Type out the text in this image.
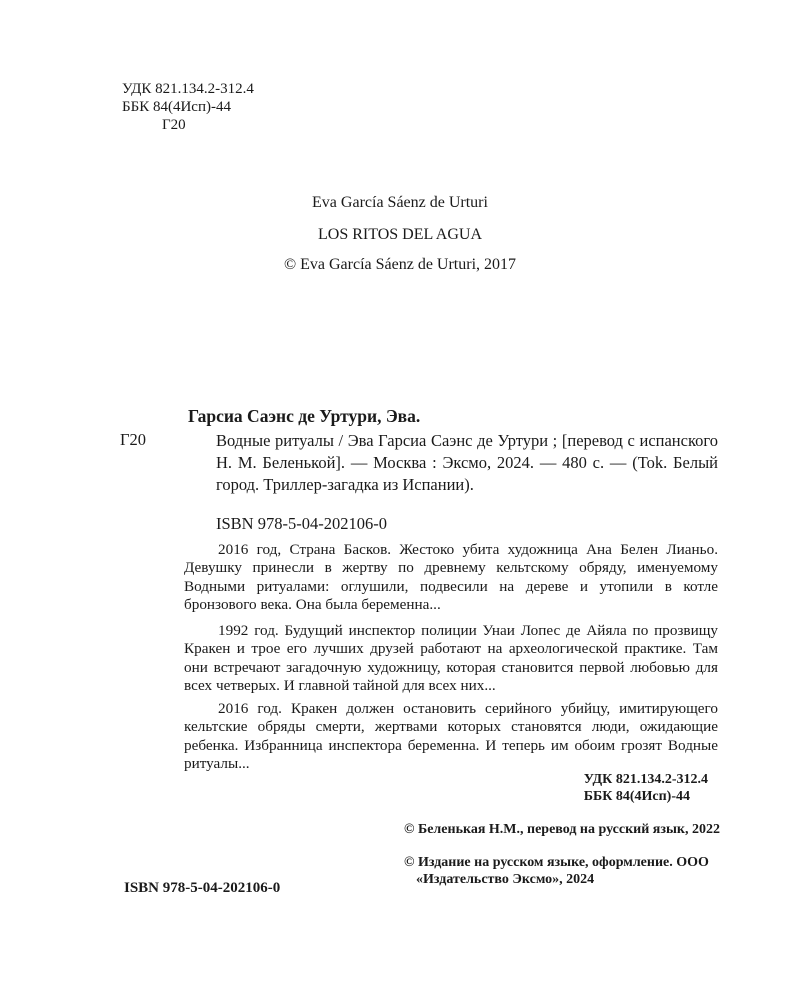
УДК 821.134.2-312.4
ББК 84(4Исп)-44
Г20
Eva García Sáenz de Urturi
LOS RITOS DEL AGUA
© Eva García Sáenz de Urturi, 2017
Гарсиа Саэнс де Уртури, Эва.
Г20	Водные ритуалы / Эва Гарсиа Саэнс де Уртури ; [перевод с испанского Н. М. Беленькой]. — Москва : Эксмо, 2024. — 480 с. — (Tok. Белый город. Триллер-загадка из Испании).
ISBN 978-5-04-202106-0
2016 год, Страна Басков. Жестоко убита художница Ана Белен Лианьо. Девушку принесли в жертву по древнему кельтскому обряду, именуемому Водными ритуалами: оглушили, подвесили на дереве и утопили в котле бронзового века. Она была беременна...
1992 год. Будущий инспектор полиции Унаи Лопес де Айяла по прозвищу Кракен и трое его лучших друзей работают на археологической практике. Там они встречают загадочную художницу, которая становится первой любовью для всех четверых. И главной тайной для всех них...
2016 год. Кракен должен остановить серийного убийцу, имитирующего кельтские обряды смерти, жертвами которых становятся люди, ожидающие ребенка. Избранница инспектора беременна. И теперь им обоим грозят Водные ритуалы...
УДК 821.134.2-312.4
ББК 84(4Исп)-44
ISBN 978-5-04-202106-0
© Беленькая Н.М., перевод на русский язык, 2022
© Издание на русском языке, оформление. ООО «Издательство Эксмо», 2024
